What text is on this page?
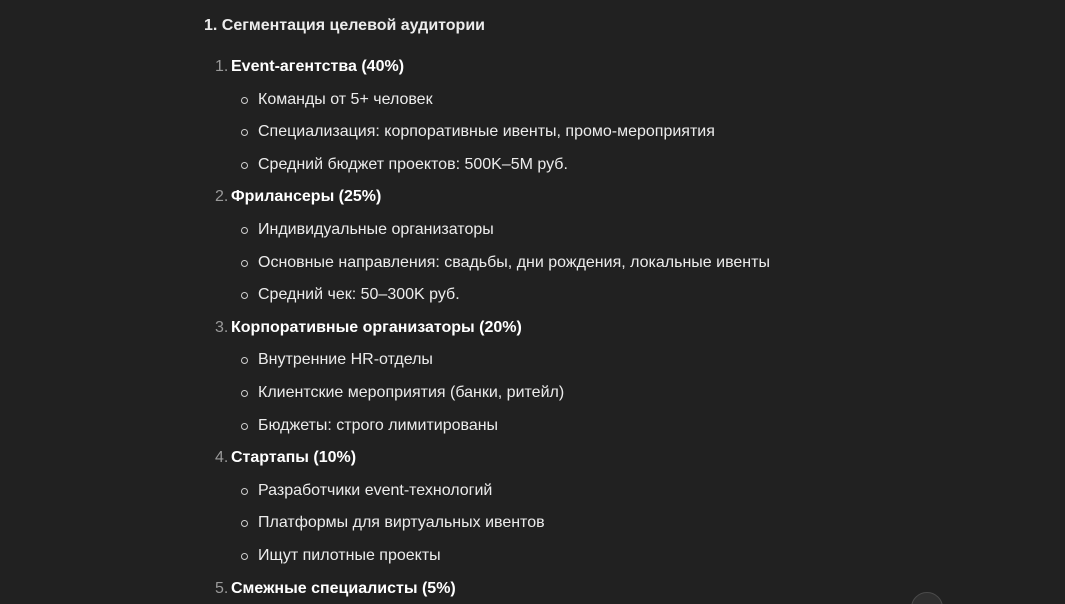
1. Сегментация целевой аудитории
1. Event-агентства (40%)
Команды от 5+ человек
Специализация: корпоративные ивенты, промо-мероприятия
Средний бюджет проектов: 500K–5M руб.
2. Фрилансеры (25%)
Индивидуальные организаторы
Основные направления: свадьбы, дни рождения, локальные ивенты
Средний чек: 50–300K руб.
3. Корпоративные организаторы (20%)
Внутренние HR-отделы
Клиентские мероприятия (банки, ритейл)
Бюджеты: строго лимитированы
4. Стартапы (10%)
Разработчики event-технологий
Платформы для виртуальных ивентов
Ищут пилотные проекты
5. Смежные специалисты (5%)
